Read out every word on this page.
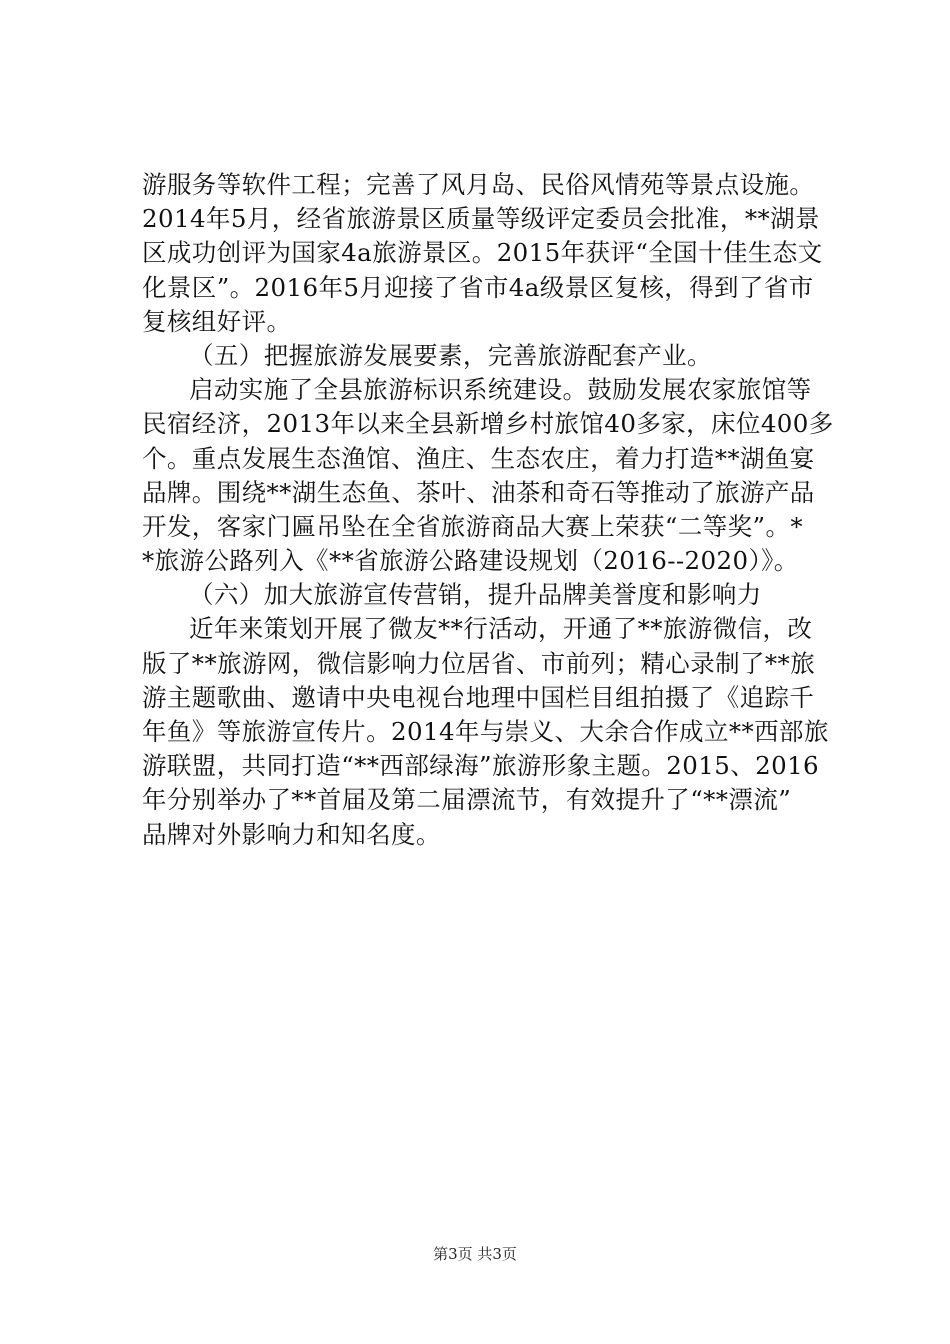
游服务等软件工程；完善了风月岛、民俗风情苑等景点设施。
2014年5月，经省旅游景区质量等级评定委员会批准，**湖景
区成功创评为国家4a旅游景区。2015年获评“全国十佳生态文
化景区”。2016年5月迎接了省市4a级景区复核，得到了省市
复核组好评。
（五）把握旅游发展要素，完善旅游配套产业。
启动实施了全县旅游标识系统建设。鼓励发展农家旅馆等
民宿经济，2013年以来全县新增乡村旅馆40多家，床位400多
个。重点发展生态渔馆、渔庄、生态农庄，着力打造**湖鱼宴
品牌。围绕**湖生态鱼、茶叶、油茶和奇石等推动了旅游产品
开发，客家门匾吊坠在全省旅游商品大赛上荣获“二等奖”。*
*旅游公路列入《**省旅游公路建设规划（2016--2020）》。
（六）加大旅游宣传营销，提升品牌美誉度和影响力
近年来策划开展了微友**行活动，开通了**旅游微信，改
版了**旅游网，微信影响力位居省、市前列；精心录制了**旅
游主题歌曲、邀请中央电视台地理中国栏目组拍摄了《追踪千
年鱼》等旅游宣传片。2014年与崇义、大余合作成立**西部旅
游联盟，共同打造“**西部绿海”旅游形象主题。2015、2016
年分别举办了**首届及第二届漂流节，有效提升了“**漂流”
品牌对外影响力和知名度。
第3页 共3页
